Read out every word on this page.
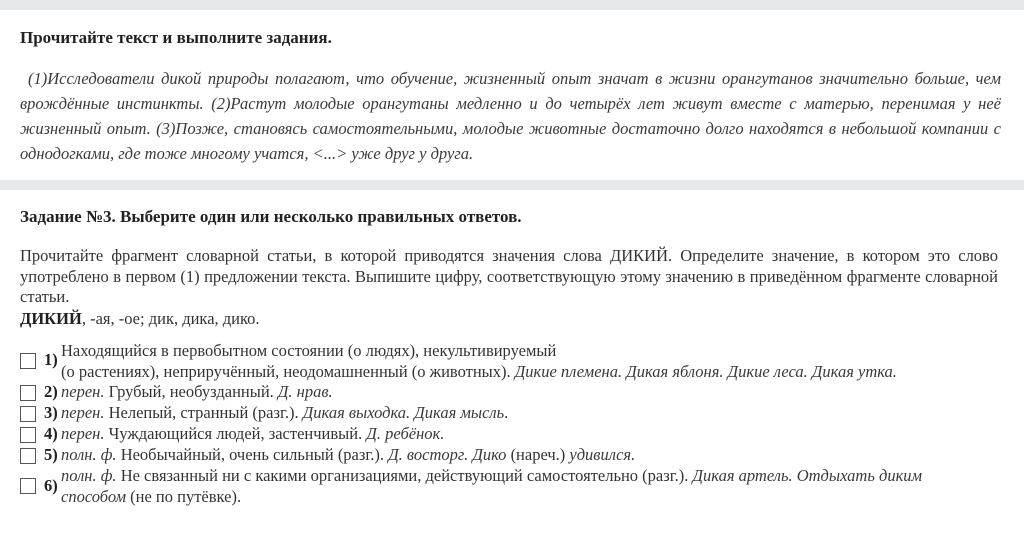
Прочитайте текст и выполните задания.
(1)Исследователи дикой природы полагают, что обучение, жизненный опыт значат в жизни орангутанов значительно больше, чем врождённые инстинкты. (2)Растут молодые орангутаны медленно и до четырёх лет живут вместе с матерью, перенимая у неё жизненный опыт. (3)Позже, становясь самостоятельными, молодые животные достаточно долго находятся в небольшой компании с однодогками, где тоже многому учатся, <...> уже друг у друга.
Задание №3. Выберите один или несколько правильных ответов.
Прочитайте фрагмент словарной статьи, в которой приводятся значения слова ДИКИЙ. Определите значение, в котором это слово употреблено в первом (1) предложении текста. Выпишите цифру, соответствующую этому значению в приведённом фрагменте словарной статьи.
ДИКИЙ, -ая, -ое; дик, дика, дико.
1) Находящийся в первобытном состоянии (о людях), некультивируемый
(о растениях), неприручённый, неодомашненный (о животных). Дикие племена. Дикая яблоня. Дикие леса. Дикая утка.
2) перен. Грубый, необузданный. Д. нрав.
3) перен. Нелепый, странный (разг.). Дикая выходка. Дикая мысль.
4) перен. Чуждающийся людей, застенчивый. Д. ребёнок.
5) полн. ф. Необычайный, очень сильный (разг.). Д. восторг. Дико (нареч.) удивился.
6)
полн. ф. Не связанный ни с какими организациями, действующий самостоятельно (разг.). Дикая артель. Отдыхать диким
способом (не по путёвке).
